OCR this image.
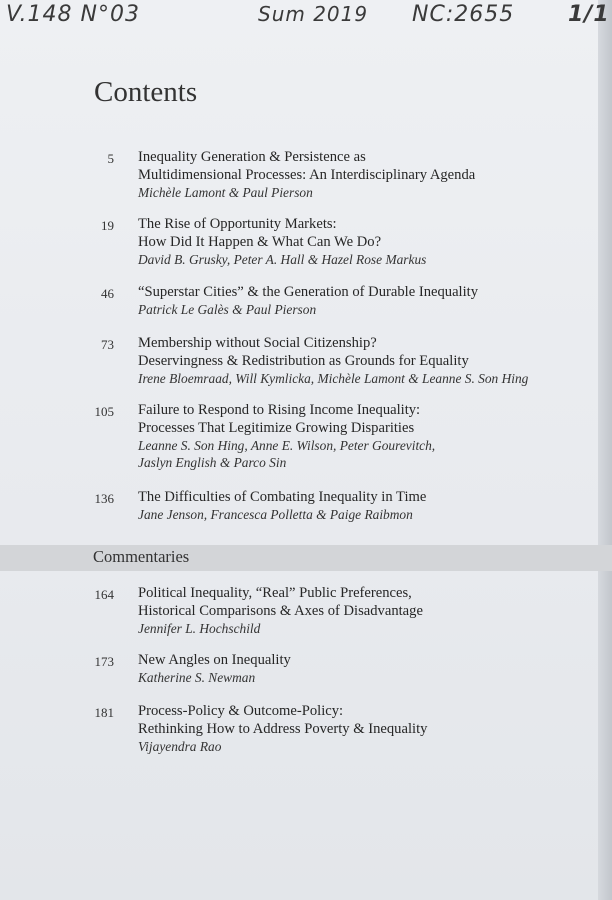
V.148 N°03	Sum 2019 NC:2655 1/1
Contents
5 Inequality Generation & Persistence as
Multidimensional Processes: An Interdisciplinary Agenda
Michèle Lamont & Paul Pierson
19 The Rise of Opportunity Markets:
How Did It Happen & What Can We Do?
David B. Grusky, Peter A. Hall & Hazel Rose Markus
46 “Superstar Cities” & the Generation of Durable Inequality
Patrick Le Galès & Paul Pierson
73 Membership without Social Citizenship?
Deservingness & Redistribution as Grounds for Equality
Irene Bloemraad, Will Kymlicka, Michèle Lamont & Leanne S. Son Hing
105 Failure to Respond to Rising Income Inequality:
Processes That Legitimize Growing Disparities
Leanne S. Son Hing, Anne E. Wilson, Peter Gourevitch,
Jaslyn English & Parco Sin
136 The Difficulties of Combating Inequality in Time
Jane Jenson, Francesca Polletta & Paige Raibmon
Commentaries
164 Political Inequality, “Real” Public Preferences,
Historical Comparisons & Axes of Disadvantage
Jennifer L. Hochschild
173 New Angles on Inequality
Katherine S. Newman
181 Process-Policy & Outcome-Policy:
Rethinking How to Address Poverty & Inequality
Vijayendra Rao
